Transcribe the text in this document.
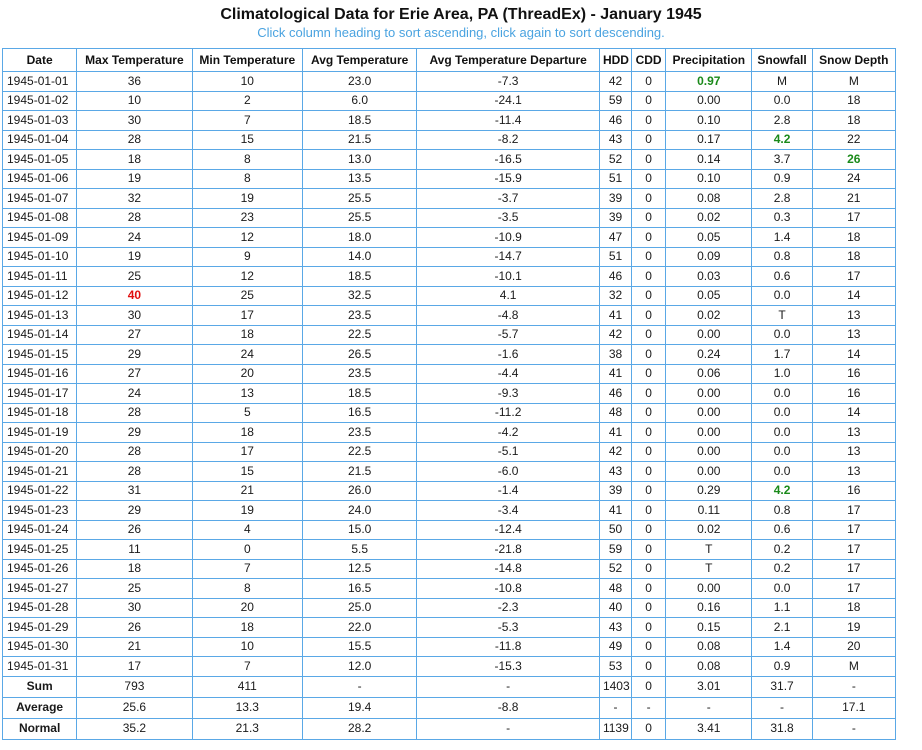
Climatological Data for Erie Area, PA (ThreadEx) - January 1945
Click column heading to sort ascending, click again to sort descending.
Date	Max Temperature	Min Temperature	Avg Temperature	Avg Temperature Departure	HDD	CDD	Precipitation	Snowfall	Snow Depth
1945-01-01	36	10	23.0	-7.3	42	0	0.97	M	M
1945-01-02	10	2	6.0	-24.1	59	0	0.00	0.0	18
1945-01-03	30	7	18.5	-11.4	46	0	0.10	2.8	18
1945-01-04	28	15	21.5	-8.2	43	0	0.17	4.2	22
1945-01-05	18	8	13.0	-16.5	52	0	0.14	3.7	26
1945-01-06	19	8	13.5	-15.9	51	0	0.10	0.9	24
1945-01-07	32	19	25.5	-3.7	39	0	0.08	2.8	21
1945-01-08	28	23	25.5	-3.5	39	0	0.02	0.3	17
1945-01-09	24	12	18.0	-10.9	47	0	0.05	1.4	18
1945-01-10	19	9	14.0	-14.7	51	0	0.09	0.8	18
1945-01-11	25	12	18.5	-10.1	46	0	0.03	0.6	17
1945-01-12	40	25	32.5	4.1	32	0	0.05	0.0	14
1945-01-13	30	17	23.5	-4.8	41	0	0.02	T	13
1945-01-14	27	18	22.5	-5.7	42	0	0.00	0.0	13
1945-01-15	29	24	26.5	-1.6	38	0	0.24	1.7	14
1945-01-16	27	20	23.5	-4.4	41	0	0.06	1.0	16
1945-01-17	24	13	18.5	-9.3	46	0	0.00	0.0	16
1945-01-18	28	5	16.5	-11.2	48	0	0.00	0.0	14
1945-01-19	29	18	23.5	-4.2	41	0	0.00	0.0	13
1945-01-20	28	17	22.5	-5.1	42	0	0.00	0.0	13
1945-01-21	28	15	21.5	-6.0	43	0	0.00	0.0	13
1945-01-22	31	21	26.0	-1.4	39	0	0.29	4.2	16
1945-01-23	29	19	24.0	-3.4	41	0	0.11	0.8	17
1945-01-24	26	4	15.0	-12.4	50	0	0.02	0.6	17
1945-01-25	11	0	5.5	-21.8	59	0	T	0.2	17
1945-01-26	18	7	12.5	-14.8	52	0	T	0.2	17
1945-01-27	25	8	16.5	-10.8	48	0	0.00	0.0	17
1945-01-28	30	20	25.0	-2.3	40	0	0.16	1.1	18
1945-01-29	26	18	22.0	-5.3	43	0	0.15	2.1	19
1945-01-30	21	10	15.5	-11.8	49	0	0.08	1.4	20
1945-01-31	17	7	12.0	-15.3	53	0	0.08	0.9	M
Sum	793	411	-	-	1403	0	3.01	31.7	-
Average	25.6	13.3	19.4	-8.8	-	-	-	-	17.1
Normal	35.2	21.3	28.2	-	1139	0	3.41	31.8	-
